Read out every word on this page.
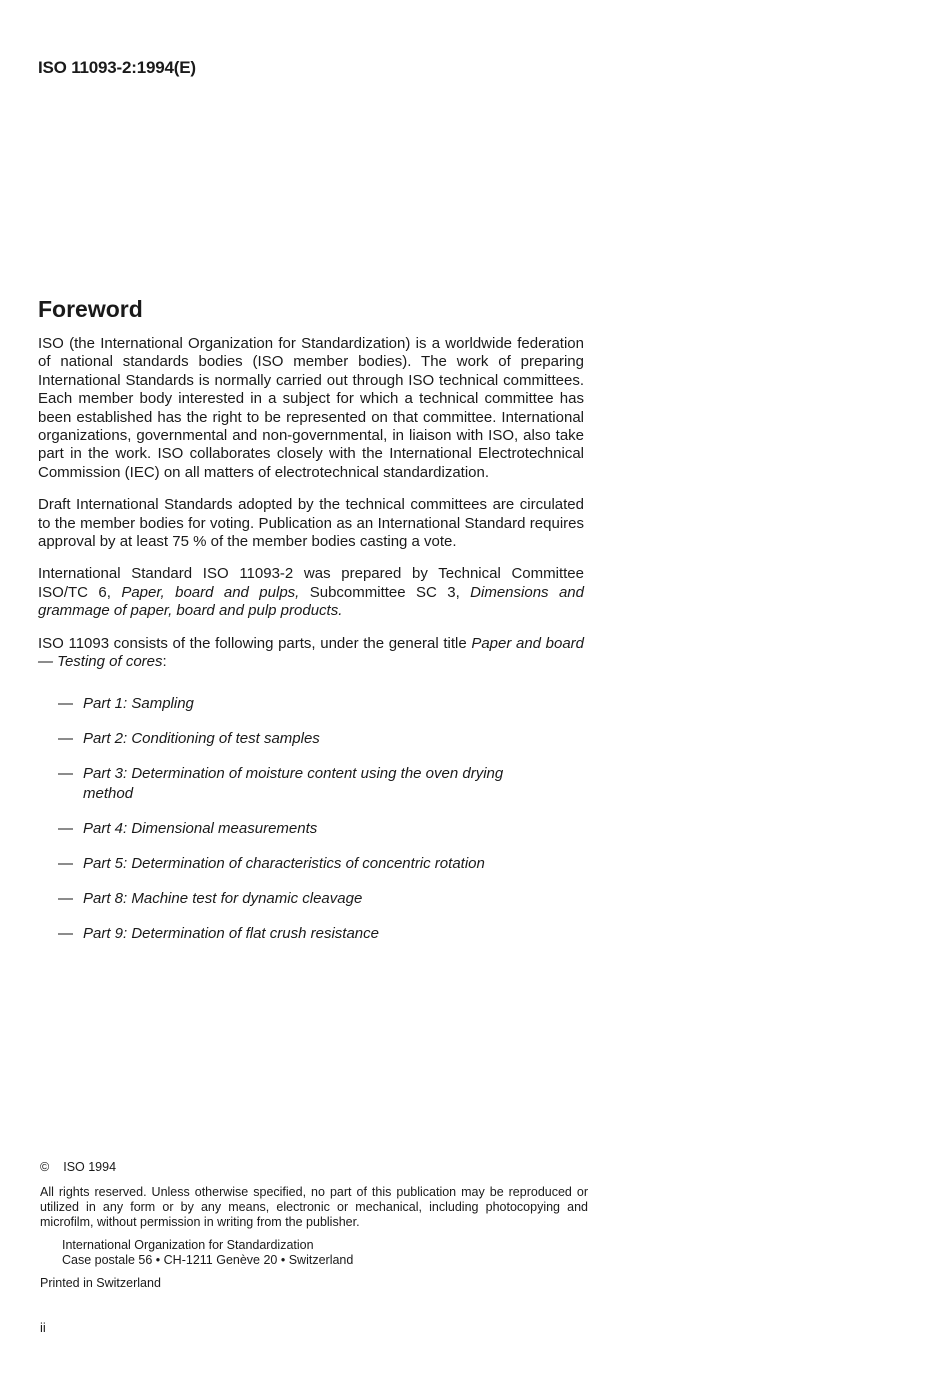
ISO 11093-2:1994(E)
Foreword

ISO (the International Organization for Standardization) is a worldwide federation of national standards bodies (ISO member bodies). The work of preparing International Standards is normally carried out through ISO technical committees. Each member body interested in a subject for which a technical committee has been established has the right to be represented on that committee. International organizations, governmental and non-governmental, in liaison with ISO, also take part in the work. ISO collaborates closely with the International Electrotechnical Commission (IEC) on all matters of electrotechnical standardization.

Draft International Standards adopted by the technical committees are circulated to the member bodies for voting. Publication as an International Standard requires approval by at least 75 % of the member bodies casting a vote.

International Standard ISO 11093-2 was prepared by Technical Committee ISO/TC 6, Paper, board and pulps, Subcommittee SC 3, Dimensions and grammage of paper, board and pulp products.

ISO 11093 consists of the following parts, under the general title Paper and board — Testing of cores:

— Part 1: Sampling
— Part 2: Conditioning of test samples
— Part 3: Determination of moisture content using the oven drying method
— Part 4: Dimensional measurements
— Part 5: Determination of characteristics of concentric rotation
— Part 8: Machine test for dynamic cleavage
— Part 9: Determination of flat crush resistance

© ISO 1994

All rights reserved. Unless otherwise specified, no part of this publication may be reproduced or utilized in any form or by any means, electronic or mechanical, including photocopying and microfilm, without permission in writing from the publisher.

International Organization for Standardization

Case postale 56 • CH-1211 Genève 20 • Switzerland

Printed in Switzerland

ii
